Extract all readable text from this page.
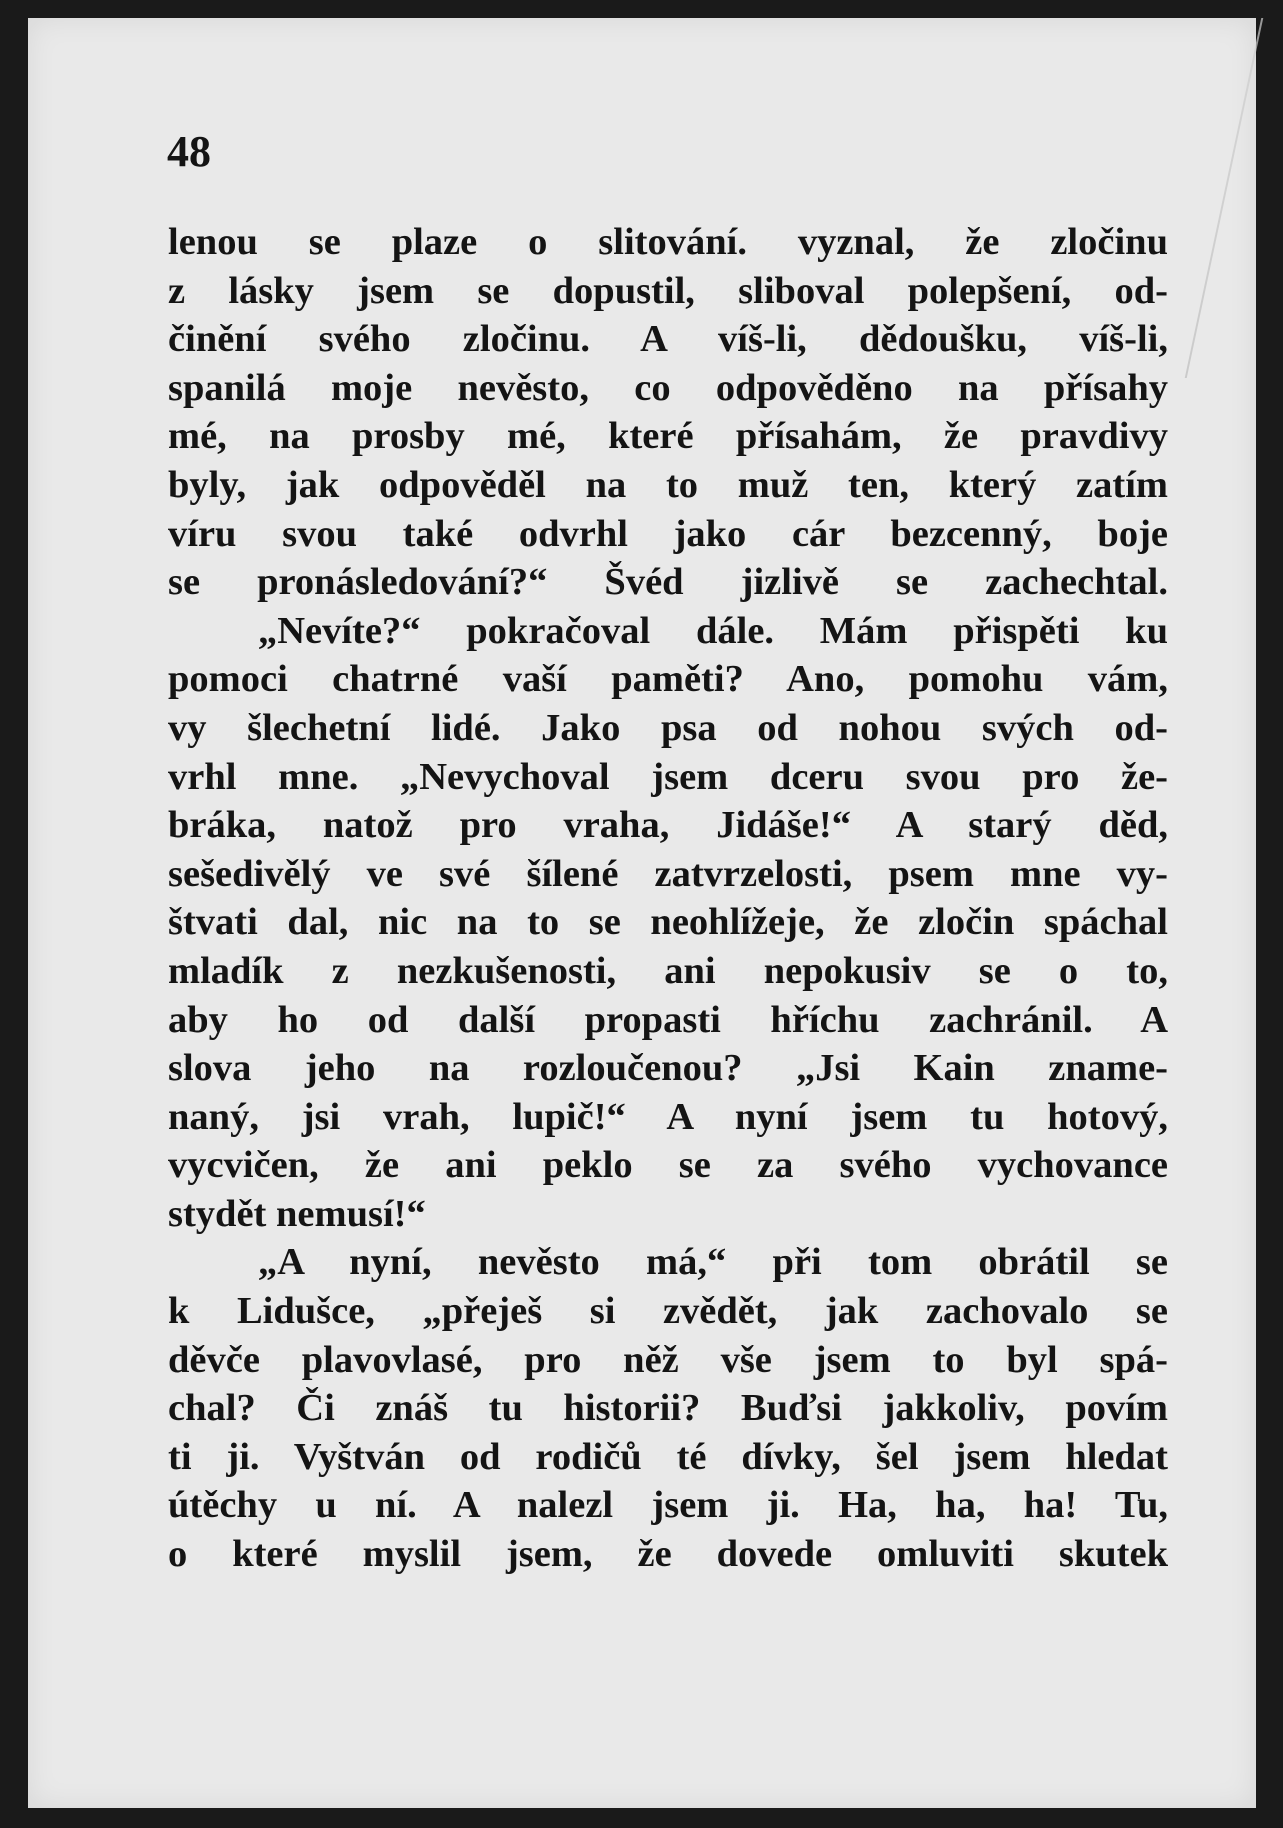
48

lenou se plaze o slitování. vyznal, že zločinu
z lásky jsem se dopustil, sliboval polepšení, od-
činění svého zločinu. A víš-li, dědoušku, víš-li,
spanilá moje nevěsto, co odpověděno na přísahy
mé, na prosby mé, které přísahám, že pravdivy
byly, jak odpověděl na to muž ten, který zatím
víru svou také odvrhl jako cár bezcenný, boje
se pronásledování?“ Švéd jizlivě se zachechtal.
„Nevíte?“ pokračoval dále. Mám přispěti ku
pomoci chatrné vaší paměti? Ano, pomohu vám,
vy šlechetní lidé. Jako psa od nohou svých od-
vrhl mne. „Nevychoval jsem dceru svou pro že-
bráka, natož pro vraha, Jidáše!“ A starý děd,
sešedivělý ve své šílené zatvrzelosti, psem mne vy-
štvati dal, nic na to se neohlížeje, že zločin spáchal
mladík z nezkušenosti, ani nepokusiv se o to,
aby ho od další propasti hříchu zachránil. A
slova jeho na rozloučenou? „Jsi Kain zname-
naný, jsi vrah, lupič!“ A nyní jsem tu hotový,
vycvičen, že ani peklo se za svého vychovance
stydět nemusí!“
„A nyní, nevěsto má,“ při tom obrátil se
k Lidušce, „přeješ si zvědět, jak zachovalo se
děvče plavovlasé, pro něž vše jsem to byl spá-
chal? Či znáš tu historii? Buďsi jakkoliv, povím
ti ji. Vyštván od rodičů té dívky, šel jsem hledat
útěchy u ní. A nalezl jsem ji. Ha, ha, ha! Tu,
o které myslil jsem, že dovede omluviti skutek
